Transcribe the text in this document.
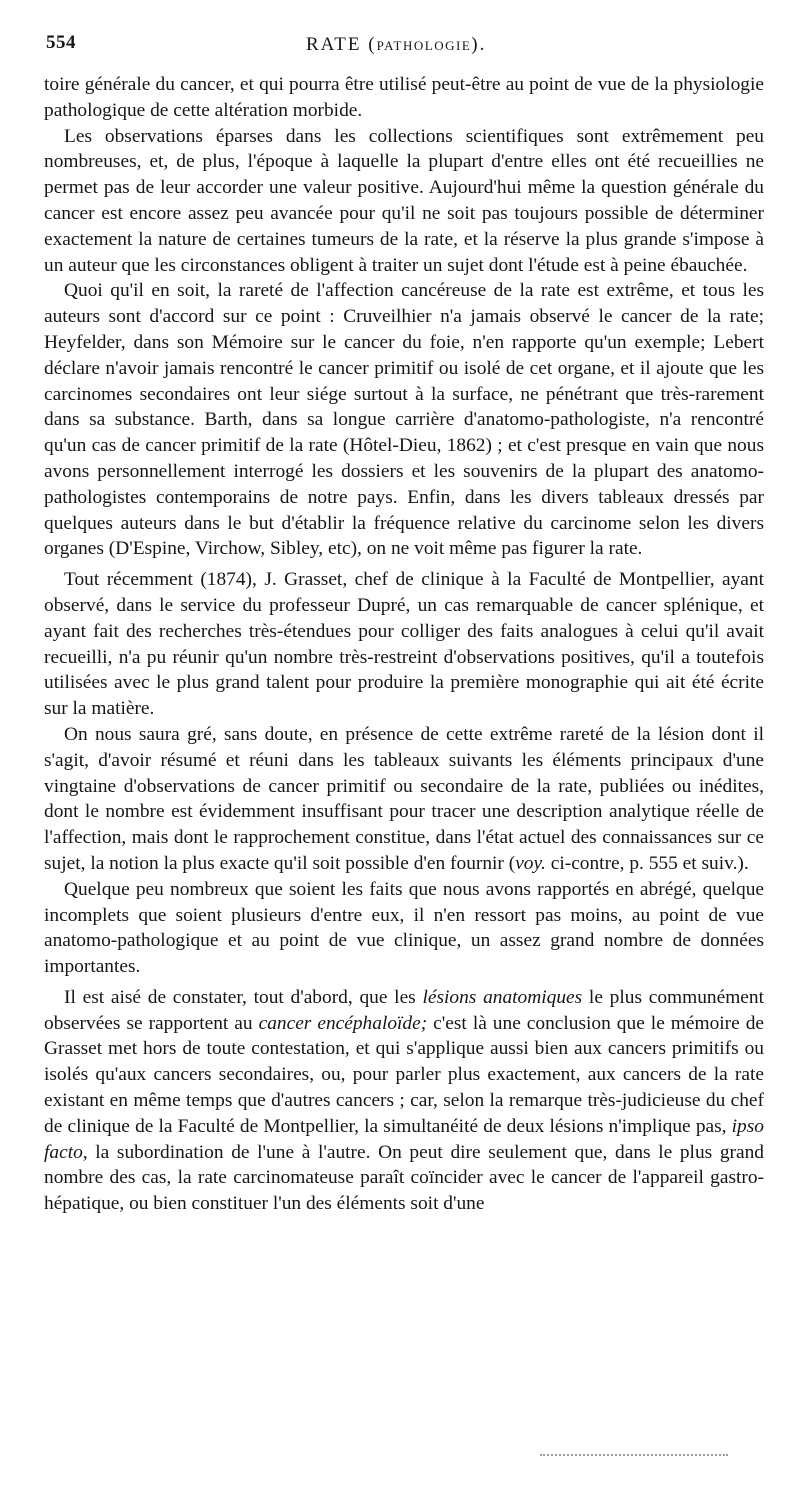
554	RATE (PATHOLOGIE).

toire générale du cancer, et qui pourra être utilisé peut-être au point de vue de la physiologie pathologique de cette altération morbide.

Les observations éparses dans les collections scientifiques sont extrêmement peu nombreuses, et, de plus, l'époque à laquelle la plupart d'entre elles ont été recueillies ne permet pas de leur accorder une valeur positive. Aujourd'hui même la question générale du cancer est encore assez peu avancée pour qu'il ne soit pas toujours possible de déterminer exactement la nature de certaines tumeurs de la rate, et la réserve la plus grande s'impose à un auteur que les circonstances obligent à traiter un sujet dont l'étude est à peine ébauchée.

Quoi qu'il en soit, la rareté de l'affection cancéreuse de la rate est extrême, et tous les auteurs sont d'accord sur ce point : Cruveilhier n'a jamais observé le cancer de la rate; Heyfelder, dans son Mémoire sur le cancer du foie, n'en rapporte qu'un exemple; Lebert déclare n'avoir jamais rencontré le cancer primitif ou isolé de cet organe, et il ajoute que les carcinomes secondaires ont leur siége surtout à la surface, ne pénétrant que très-rarement dans sa substance. Barth, dans sa longue carrière d'anatomo-pathologiste, n'a rencontré qu'un cas de cancer primitif de la rate (Hôtel-Dieu, 1862) ; et c'est presque en vain que nous avons personnellement interrogé les dossiers et les souvenirs de la plupart des anatomo-pathologistes contemporains de notre pays. Enfin, dans les divers tableaux dressés par quelques auteurs dans le but d'établir la fréquence relative du carcinome selon les divers organes (D'Espine, Virchow, Sibley, etc), on ne voit même pas figurer la rate.

Tout récemment (1874), J. Grasset, chef de clinique à la Faculté de Montpellier, ayant observé, dans le service du professeur Dupré, un cas remarquable de cancer splénique, et ayant fait des recherches très-étendues pour colliger des faits analogues à celui qu'il avait recueilli, n'a pu réunir qu'un nombre très-restreint d'observations positives, qu'il a toutefois utilisées avec le plus grand talent pour produire la première monographie qui ait été écrite sur la matière.

On nous saura gré, sans doute, en présence de cette extrême rareté de la lésion dont il s'agit, d'avoir résumé et réuni dans les tableaux suivants les éléments principaux d'une vingtaine d'observations de cancer primitif ou secondaire de la rate, publiées ou inédites, dont le nombre est évidemment insuffisant pour tracer une description analytique réelle de l'affection, mais dont le rapprochement constitue, dans l'état actuel des connaissances sur ce sujet, la notion la plus exacte qu'il soit possible d'en fournir (voy. ci-contre, p. 555 et suiv.).

Quelque peu nombreux que soient les faits que nous avons rapportés en abrégé, quelque incomplets que soient plusieurs d'entre eux, il n'en ressort pas moins, au point de vue anatomo-pathologique et au point de vue clinique, un assez grand nombre de données importantes.

Il est aisé de constater, tout d'abord, que les lésions anatomiques le plus communément observées se rapportent au cancer encéphaloïde; c'est là une conclusion que le mémoire de Grasset met hors de toute contestation, et qui s'applique aussi bien aux cancers primitifs ou isolés qu'aux cancers secondaires, ou, pour parler plus exactement, aux cancers de la rate existant en même temps que d'autres cancers ; car, selon la remarque très-judicieuse du chef de clinique de la Faculté de Montpellier, la simultanéité de deux lésions n'implique pas, ipso facto, la subordination de l'une à l'autre. On peut dire seulement que, dans le plus grand nombre des cas, la rate carcinomateuse paraît coïncider avec le cancer de l'appareil gastro-hépatique, ou bien constituer l'un des éléments soit d'une
